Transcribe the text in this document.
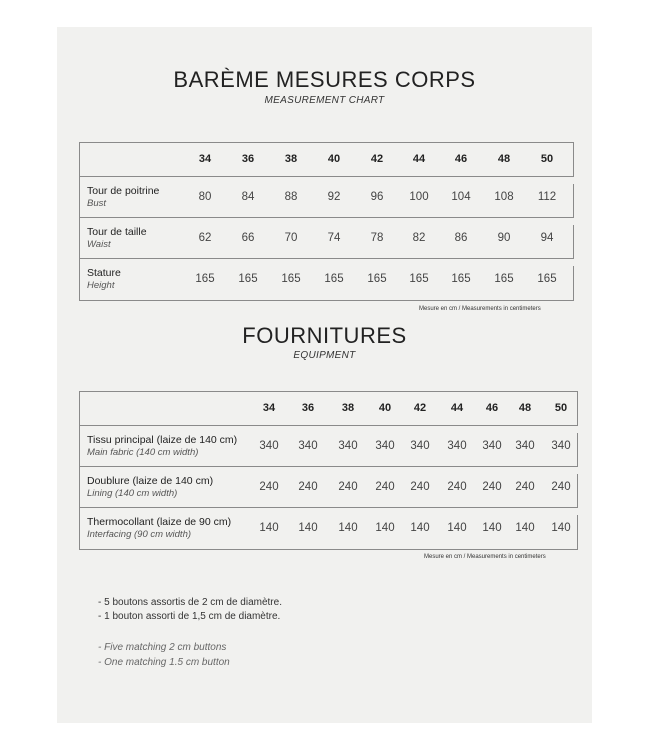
BARÈME MESURES CORPS
MEASUREMENT CHART
34	36	38	40	42	44	46	48	50
Tour de poitrine
Bust
80	84	88	92	96	100	104	108	112
Tour de taille
Waist
62	66	70	74	78	82	86	90	94
Stature
Height
165	165	165	165	165	165	165	165	165
Mesure en cm / Measurements in centimeters
FOURNITURES
EQUIPMENT
34	36	38	40	42	44	46	48	50
Tissu principal (laize de 140 cm)
Main fabric (140 cm width)
340	340	340	340	340	340	340	340	340
Doublure (laize de 140 cm)
Lining (140 cm width)
240	240	240	240	240	240	240	240	240
Thermocollant (laize de 90 cm)
Interfacing (90 cm width)
140	140	140	140	140	140	140	140	140
Mesure en cm / Measurements in centimeters
- 5 boutons assortis de 2 cm de diamètre.
- 1 bouton assorti de 1,5 cm de diamètre.
- Five matching 2 cm buttons
- One matching 1.5 cm button
